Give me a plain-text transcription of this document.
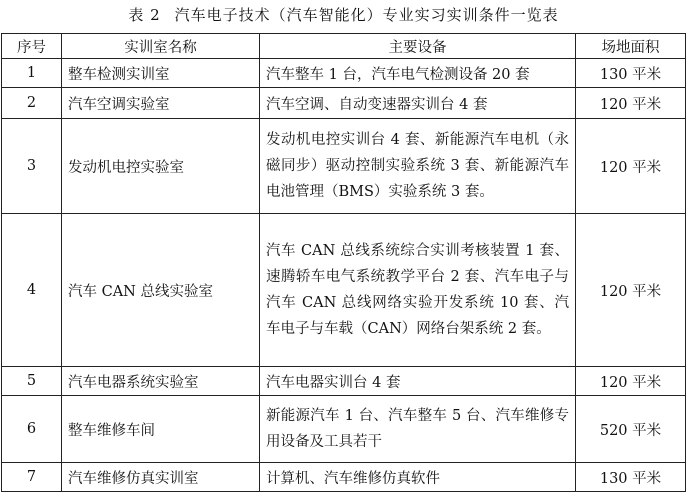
表 2 汽车电子技术（汽车智能化）专业实习实训条件一览表
序号	实训室名称	主要设备	场地面积
1	整车检测实训室	汽车整车 1 台，汽车电气检测设备 20 套	130 平米
2	汽车空调实验室	汽车空调、自动变速器实训台 4 套	120 平米
3	发动机电控实验室	发动机电控实训台 4 套、新能源汽车电机（永磁同步）驱动控制实验系统 3 套、新能源汽车电池管理（BMS）实验系统 3 套。	120 平米
4	汽车 CAN 总线实验室	汽车 CAN 总线系统综合实训考核装置 1 套、速腾轿车电气系统教学平台 2 套、汽车电子与汽车 CAN 总线网络实验开发系统 10 套、汽车电子与车载（CAN）网络台架系统 2 套。	120 平米
5	汽车电器系统实验室	汽车电器实训台 4 套	120 平米
6	整车维修车间	新能源汽车 1 台、汽车整车 5 台、汽车维修专用设备及工具若干	520 平米
7	汽车维修仿真实训室	计算机、汽车维修仿真软件	130 平米
